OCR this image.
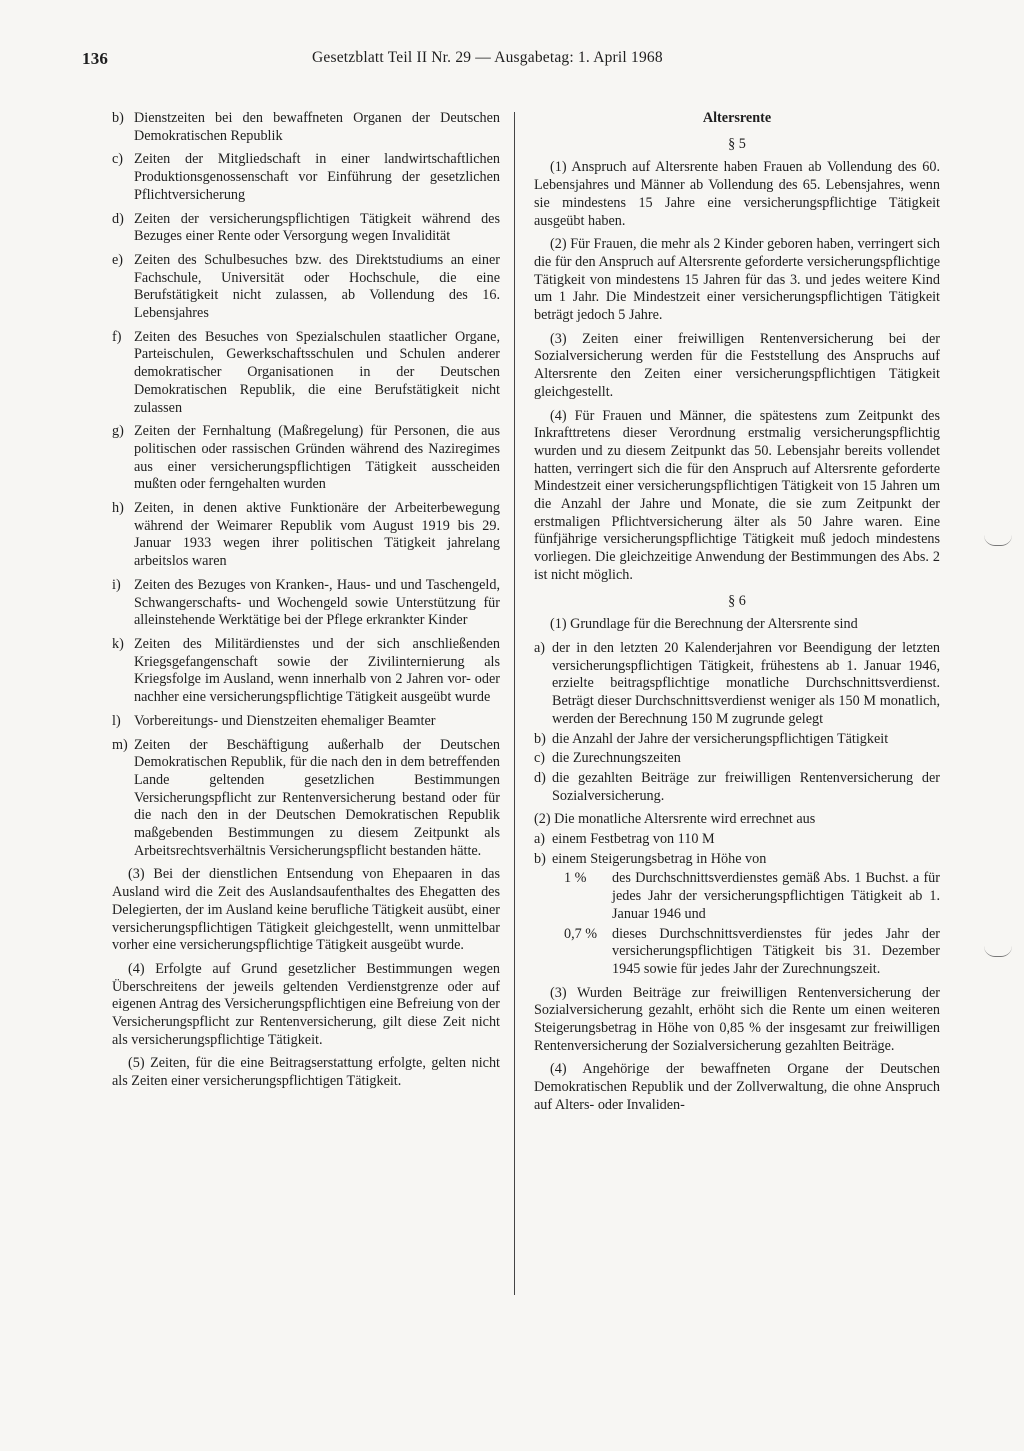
136	Gesetzblatt Teil II Nr. 29 — Ausgabetag: 1. April 1968
b) Dienstzeiten bei den bewaffneten Organen der Deutschen Demokratischen Republik
c) Zeiten der Mitgliedschaft in einer landwirtschaftlichen Produktionsgenossenschaft vor Einführung der gesetzlichen Pflichtversicherung
d) Zeiten der versicherungspflichtigen Tätigkeit während des Bezuges einer Rente oder Versorgung wegen Invalidität
e) Zeiten des Schulbesuches bzw. des Direktstudiums an einer Fachschule, Universität oder Hochschule, die eine Berufstätigkeit nicht zulassen, ab Vollendung des 16. Lebensjahres
f) Zeiten des Besuches von Spezialschulen staatlicher Organe, Parteischulen, Gewerkschaftsschulen und Schulen anderer demokratischer Organisationen in der Deutschen Demokratischen Republik, die eine Berufstätigkeit nicht zulassen
g) Zeiten der Fernhaltung (Maßregelung) für Personen, die aus politischen oder rassischen Gründen während des Naziregimes aus einer versicherungspflichtigen Tätigkeit ausscheiden mußten oder ferngehalten wurden
h) Zeiten, in denen aktive Funktionäre der Arbeiterbewegung während der Weimarer Republik vom August 1919 bis 29. Januar 1933 wegen ihrer politischen Tätigkeit jahrelang arbeitslos waren
i) Zeiten des Bezuges von Kranken-, Haus- und und Taschengeld, Schwangerschafts- und Wochengeld sowie Unterstützung für alleinstehende Werktätige bei der Pflege erkrankter Kinder
k) Zeiten des Militärdienstes und der sich anschließenden Kriegsgefangenschaft sowie der Zivilinternierung als Kriegsfolge im Ausland, wenn innerhalb von 2 Jahren vor- oder nachher eine versicherungspflichtige Tätigkeit ausgeübt wurde
l) Vorbereitungs- und Dienstzeiten ehemaliger Beamter
m) Zeiten der Beschäftigung außerhalb der Deutschen Demokratischen Republik, für die nach den in dem betreffenden Lande geltenden gesetzlichen Bestimmungen Versicherungspflicht zur Rentenversicherung bestand oder für die nach den in der Deutschen Demokratischen Republik maßgebenden Bestimmungen zu diesem Zeitpunkt als Arbeitsrechtsverhältnis Versicherungspflicht bestanden hätte.

(3) Bei der dienstlichen Entsendung von Ehepaaren in das Ausland wird die Zeit des Auslandsaufenthaltes des Ehegatten des Delegierten, der im Ausland keine berufliche Tätigkeit ausübt, einer versicherungspflichtigen Tätigkeit gleichgestellt, wenn unmittelbar vorher eine versicherungspflichtige Tätigkeit ausgeübt wurde.

(4) Erfolgte auf Grund gesetzlicher Bestimmungen wegen Überschreitens der jeweils geltenden Verdienstgrenze oder auf eigenen Antrag des Versicherungspflichtigen eine Befreiung von der Versicherungspflicht zur Rentenversicherung, gilt diese Zeit nicht als versicherungspflichtige Tätigkeit.

(5) Zeiten, für die eine Beitragserstattung erfolgte, gelten nicht als Zeiten einer versicherungspflichtigen Tätigkeit.

Altersrente
§ 5

(1) Anspruch auf Altersrente haben Frauen ab Vollendung des 60. Lebensjahres und Männer ab Vollendung des 65. Lebensjahres, wenn sie mindestens 15 Jahre eine versicherungspflichtige Tätigkeit ausgeübt haben.

(2) Für Frauen, die mehr als 2 Kinder geboren haben, verringert sich die für den Anspruch auf Altersrente geforderte versicherungspflichtige Tätigkeit von mindestens 15 Jahren für das 3. und jedes weitere Kind um 1 Jahr. Die Mindestzeit einer versicherungspflichtigen Tätigkeit beträgt jedoch 5 Jahre.

(3) Zeiten einer freiwilligen Rentenversicherung bei der Sozialversicherung werden für die Feststellung des Anspruchs auf Altersrente den Zeiten einer versicherungspflichtigen Tätigkeit gleichgestellt.

(4) Für Frauen und Männer, die spätestens zum Zeitpunkt des Inkrafttretens dieser Verordnung erstmalig versicherungspflichtig wurden und zu diesem Zeitpunkt das 50. Lebensjahr bereits vollendet hatten, verringert sich die für den Anspruch auf Altersrente geforderte Mindestzeit einer versicherungspflichtigen Tätigkeit von 15 Jahren um die Anzahl der Jahre und Monate, die sie zum Zeitpunkt der erstmaligen Pflichtversicherung älter als 50 Jahre waren. Eine fünfjährige versicherungspflichtige Tätigkeit muß jedoch mindestens vorliegen. Die gleichzeitige Anwendung der Bestimmungen des Abs. 2 ist nicht möglich.

§ 6

(1) Grundlage für die Berechnung der Altersrente sind

a) der in den letzten 20 Kalenderjahren vor Beendigung der letzten versicherungspflichtigen Tätigkeit, frühestens ab 1. Januar 1946, erzielte beitragspflichtige monatliche Durchschnittsverdienst. Beträgt dieser Durchschnittsverdienst weniger als 150 M monatlich, werden der Berechnung 150 M zugrunde gelegt
b) die Anzahl der Jahre der versicherungspflichtigen Tätigkeit
c) die Zurechnungszeiten
d) die gezahlten Beiträge zur freiwilligen Rentenversicherung der Sozialversicherung.

(2) Die monatliche Altersrente wird errechnet aus

a) einem Festbetrag von 110 M
b) einem Steigerungsbetrag in Höhe von
1 %	des Durchschnittsverdienstes gemäß Abs. 1 Buchst. a für jedes Jahr der versicherungspflichtigen Tätigkeit ab 1. Januar 1946 und
0,7 %	dieses Durchschnittsverdienstes für jedes Jahr der versicherungspflichtigen Tätigkeit bis 31. Dezember 1945 sowie für jedes Jahr der Zurechnungszeit.

(3) Wurden Beiträge zur freiwilligen Rentenversicherung der Sozialversicherung gezahlt, erhöht sich die Rente um einen weiteren Steigerungsbetrag in Höhe von 0,85 % der insgesamt zur freiwilligen Rentenversicherung der Sozialversicherung gezahlten Beiträge.

(4) Angehörige der bewaffneten Organe der Deutschen Demokratischen Republik und der Zollverwaltung, die ohne Anspruch auf Alters- oder Invaliden-
